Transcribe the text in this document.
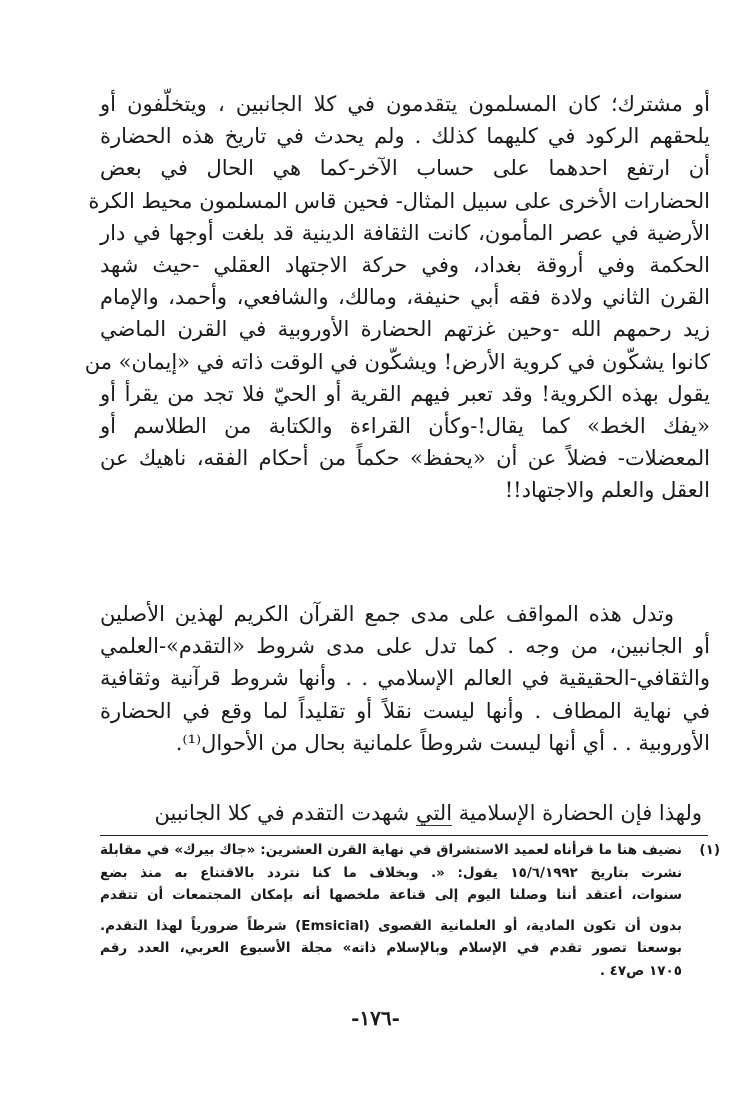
أو مشترك؛ كان المسلمون يتقدمون في كلا الجانبين ، ويتخلّفون أو
يلحقهم الركود في كليهما كذلك . ولم يحدث في تاريخ هذه الحضارة
أن ارتفع احدهما على حساب الآخر-كما هي الحال في بعض
الحضارات الأخرى على سبيل المثال- فحين قاس المسلمون محيط الكرة
الأرضية في عصر المأمون، كانت الثقافة الدينية قد بلغت أوجها في دار
الحكمة وفي أروقة بغداد، وفي حركة الاجتهاد العقلي -حيث شهد
القرن الثاني ولادة فقه أبي حنيفة، ومالك، والشافعي، وأحمد، والإمام
زيد رحمهم الله -وحين غزتهم الحضارة الأوروبية في القرن الماضي
كانوا يشكّون في كروية الأرض! ويشكّون في الوقت ذاته في «إيمان» من
يقول بهذه الكروية! وقد تعبر فيهم القرية أو الحيّ فلا تجد من يقرأ أو
«يفك الخط» كما يقال!-وكأن القراءة والكتابة من الطلاسم أو
المعضلات- فضلاً عن أن «يحفظ» حكماً من أحكام الفقه، ناهيك عن
العقل والعلم والاجتهاد!!
وتدل هذه المواقف على مدى جمع القرآن الكريم لهذين الأصلين
أو الجانبين، من وجه . كما تدل على مدى شروط «التقدم»-العلمي
والثقافي-الحقيقية في العالم الإسلامي . . وأنها شروط قرآنية وثقافية
في نهاية المطاف . وأنها ليست نقلاً أو تقليداً لما وقع في الحضارة
الأوروبية . . أي أنها ليست شروطاً علمانية بحال من الأحوال⁽¹⁾.
ولهذا فإن الحضارة الإسلامية التي شهدت التقدم في كلا الجانبين
(١)
نضيف هنا ما قرأناه لعميد الاستشراق في نهاية القرن العشرين: «جاك بيرك» في مقابلة
نشرت بتاريخ ١٥/٦/١٩٩٢ يقول: «. وبخلاف ما كنا نتردد بالاقتناع به منذ بضع
سنوات، أعتقد أننا وصلنا اليوم إلى قناعة ملخصها أنه بإمكان المجتمعات أن تتقدم
بدون أن تكون المادية، أو العلمانية القصوى (Emsicial) شرطاً ضرورياً لهذا التقدم.
بوسعنا تصور تقدم في الإسلام وبالإسلام ذاته» مجلة الأسبوع العربي، العدد رقم
١٧٠٥ ص٤٧ .
-١٧٦-
